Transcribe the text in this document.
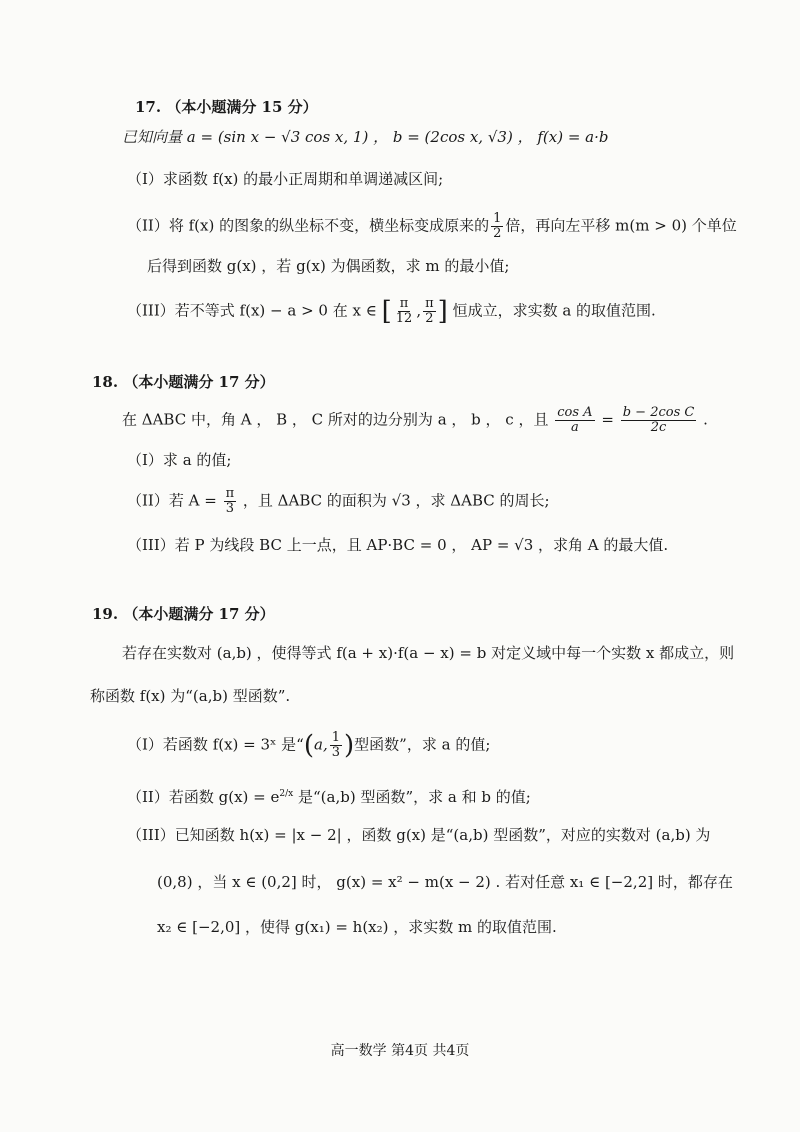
17. （本小题满分 15 分）
已知向量 a = (sin x − √3 cos x, 1) ， b = (2cos x, √3) ， f(x) = a·b
（I）求函数 f(x) 的最小正周期和单调递减区间;
（II）将 f(x) 的图象的纵坐标不变，横坐标变成原来的 $\frac{1}{2}$ 倍，再向左平移 m(m > 0) 个单位
后得到函数 g(x) ，若 g(x) 为偶函数，求 m 的最小值;
（III）若不等式 f(x) − a > 0 在 x ∈ [ $\frac{\pi}{12}$ , $\frac{\pi}{2}$ ] 恒成立，求实数 a 的取值范围.
18. （本小题满分 17 分）
在 ΔABC 中，角 A ， B ， C 所对的边分别为 a ， b ， c ，且 $\frac{\text{cos A}}{a} = \frac{\text{b − 2cos C}}{2c}$ .
（I）求 a 的值;
（II）若 $A = \frac{\pi}{3}$ ，且 ΔABC 的面积为 √3 ，求 ΔABC 的周长;
（III）若 P 为线段 BC 上一点，且 AP·BC = 0 ， AP = √3 ，求角 A 的最大值.
19. （本小题满分 17 分）
若存在实数对 (a,b) ，使得等式 f(a + x)·f(a − x) = b 对定义域中每一个实数 x 都成立，则
称函数 f(x) 为“(a,b) 型函数”.
（I）若函数 f(x) = 3ˣ 是“(a, $\frac{1}{3}$ )型函数”，求 a 的值;
（II）若函数 $g(x) = e^{2/x}$ 是“(a,b) 型函数”，求 a 和 b 的值;
（III）已知函数 h(x) = |x − 2| ，函数 g(x) 是“(a,b) 型函数”，对应的实数对 (a,b) 为
(0,8) ，当 x ∈ (0,2] 时， g(x) = x² − m(x − 2) . 若对任意 x₁ ∈ [−2,2] 时，都存在
x₂ ∈ [−2,0] ，使得 g(x₁) = h(x₂) ，求实数 m 的取值范围.
高一数学 第4页 共4页
